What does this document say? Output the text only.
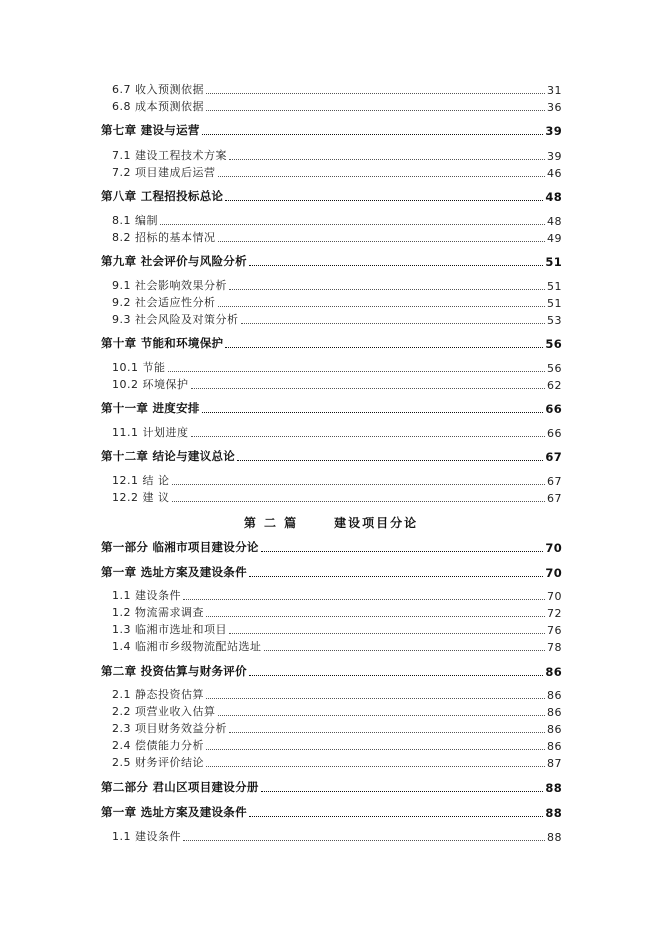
6.7 收入预测依据	31
6.8 成本预测依据	36
第七章 建设与运营	39
7.1 建设工程技术方案	39
7.2 项目建成后运营	46
第八章 工程招投标总论	48
8.1 编制	48
8.2 招标的基本情况	49
第九章 社会评价与风险分析	51
9.1 社会影响效果分析	51
9.2 社会适应性分析	51
9.3 社会风险及对策分析	53
第十章 节能和环境保护	56
10.1 节能	56
10.2 环境保护	62
第十一章 进度安排	66
11.1 计划进度	66
第十二章 结论与建议总论	67
12.1 结 论	67
12.2 建 议	67
第 二 篇	建设项目分论
第一部分 临湘市项目建设分论	70
第一章 选址方案及建设条件	70
1.1 建设条件	70
1.2 物流需求调查	72
1.3 临湘市选址和项目	76
1.4 临湘市乡级物流配站选址	78
第二章 投资估算与财务评价	86
2.1 静态投资估算	86
2.2 项营业收入估算	86
2.3 项目财务效益分析	86
2.4 偿债能力分析	86
2.5 财务评价结论	87
第二部分 君山区项目建设分册	88
第一章 选址方案及建设条件	88
1.1 建设条件	88
